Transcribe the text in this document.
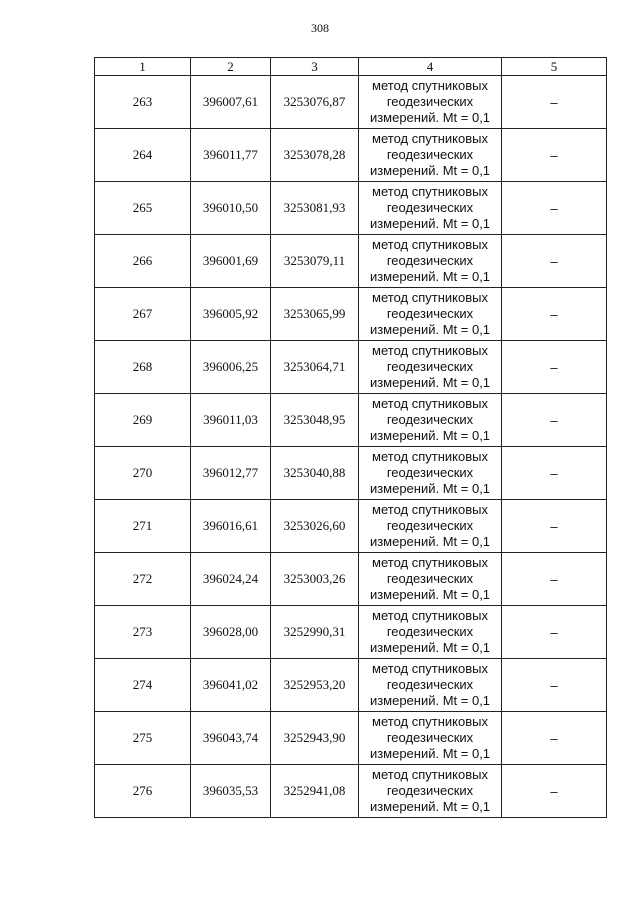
308
1	2	3	4	5
263	396007,61	3253076,87	метод спутниковых
геодезических
измерений. Mt = 0,1	–
264	396011,77	3253078,28	метод спутниковых
геодезических
измерений. Mt = 0,1	–
265	396010,50	3253081,93	метод спутниковых
геодезических
измерений. Mt = 0,1	–
266	396001,69	3253079,11	метод спутниковых
геодезических
измерений. Mt = 0,1	–
267	396005,92	3253065,99	метод спутниковых
геодезических
измерений. Mt = 0,1	–
268	396006,25	3253064,71	метод спутниковых
геодезических
измерений. Mt = 0,1	–
269	396011,03	3253048,95	метод спутниковых
геодезических
измерений. Mt = 0,1	–
270	396012,77	3253040,88	метод спутниковых
геодезических
измерений. Mt = 0,1	–
271	396016,61	3253026,60	метод спутниковых
геодезических
измерений. Mt = 0,1	–
272	396024,24	3253003,26	метод спутниковых
геодезических
измерений. Mt = 0,1	–
273	396028,00	3252990,31	метод спутниковых
геодезических
измерений. Mt = 0,1	–
274	396041,02	3252953,20	метод спутниковых
геодезических
измерений. Mt = 0,1	–
275	396043,74	3252943,90	метод спутниковых
геодезических
измерений. Mt = 0,1	–
276	396035,53	3252941,08	метод спутниковых
геодезических
измерений. Mt = 0,1	–
